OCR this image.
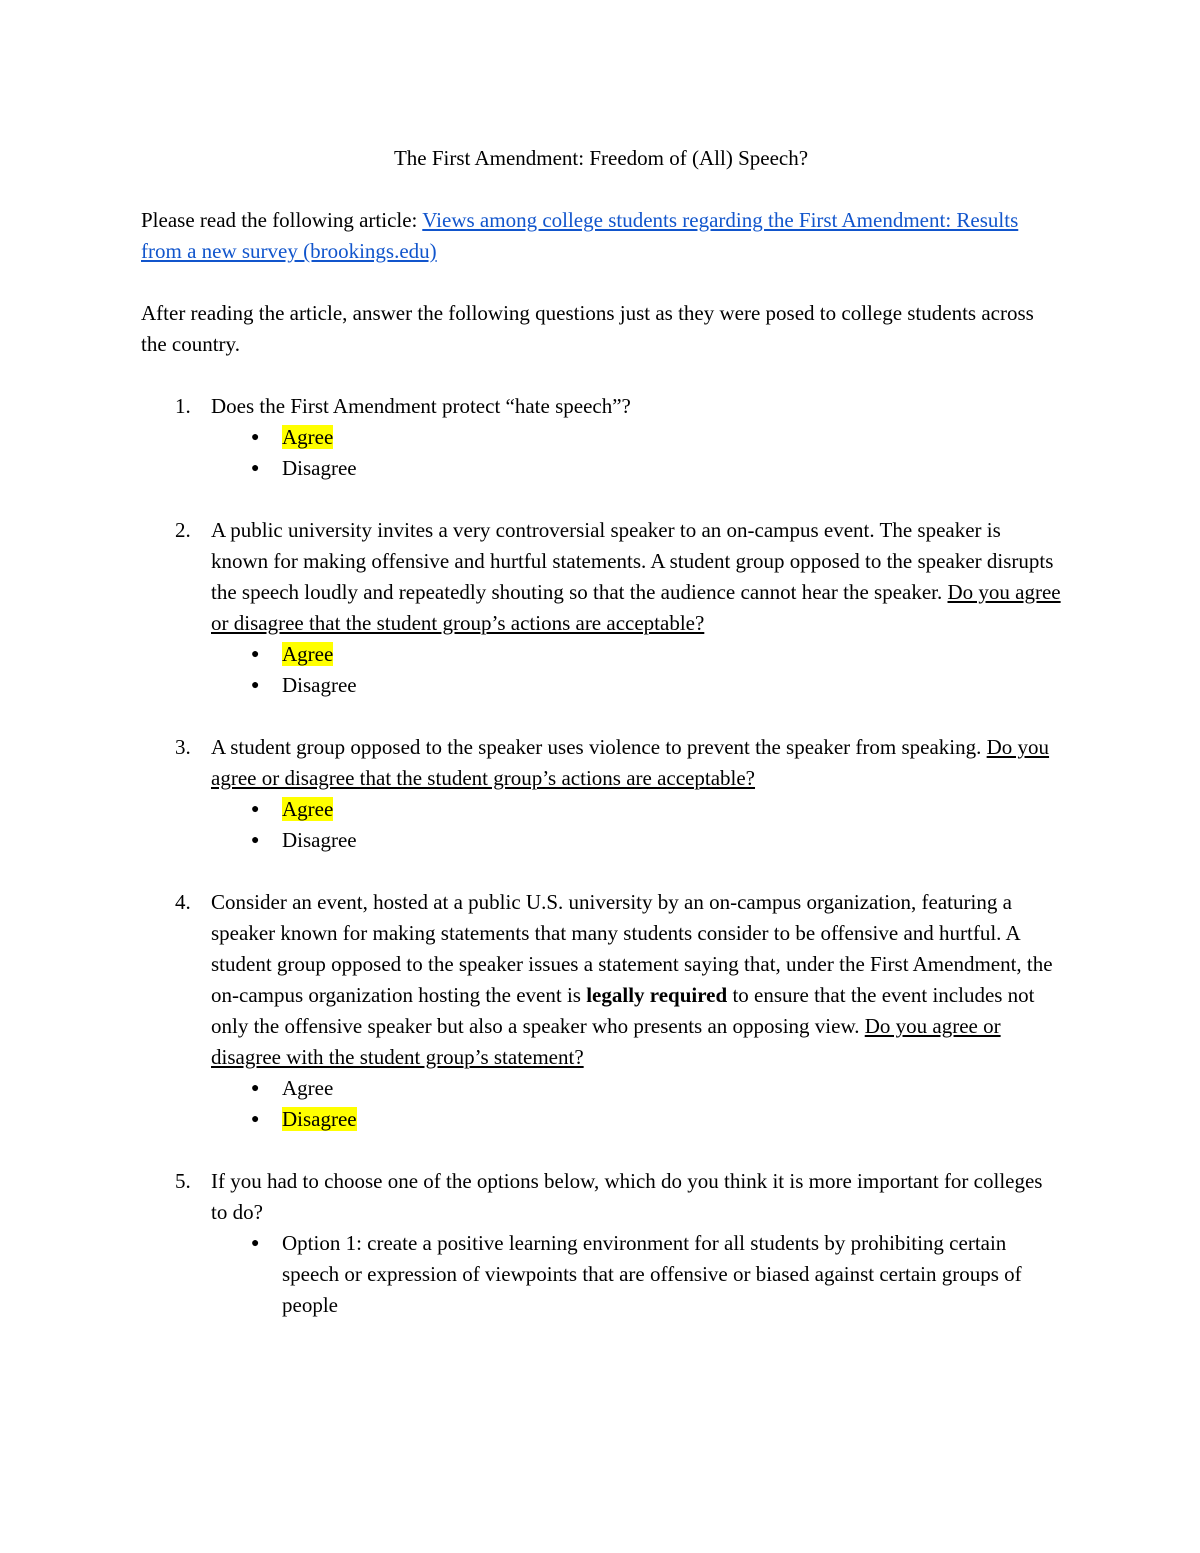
The First Amendment: Freedom of (All) Speech?

Please read the following article: Views among college students regarding the First Amendment: Results from a new survey (brookings.edu)

After reading the article, answer the following questions just as they were posed to college students across the country.

1. Does the First Amendment protect “hate speech”?
● Agree
● Disagree
2. A public university invites a very controversial speaker to an on-campus event. The speaker is known for making offensive and hurtful statements. A student group opposed to the speaker disrupts the speech loudly and repeatedly shouting so that the audience cannot hear the speaker. Do you agree or disagree that the student group’s actions are acceptable?
● Agree
● Disagree
3. A student group opposed to the speaker uses violence to prevent the speaker from speaking. Do you agree or disagree that the student group’s actions are acceptable?
● Agree
● Disagree
4. Consider an event, hosted at a public U.S. university by an on-campus organization, featuring a speaker known for making statements that many students consider to be offensive and hurtful. A student group opposed to the speaker issues a statement saying that, under the First Amendment, the on-campus organization hosting the event is legally required to ensure that the event includes not only the offensive speaker but also a speaker who presents an opposing view. Do you agree or disagree with the student group’s statement?
● Agree
● Disagree
5. If you had to choose one of the options below, which do you think it is more important for colleges to do?
● Option 1: create a positive learning environment for all students by prohibiting certain speech or expression of viewpoints that are offensive or biased against certain groups of people
